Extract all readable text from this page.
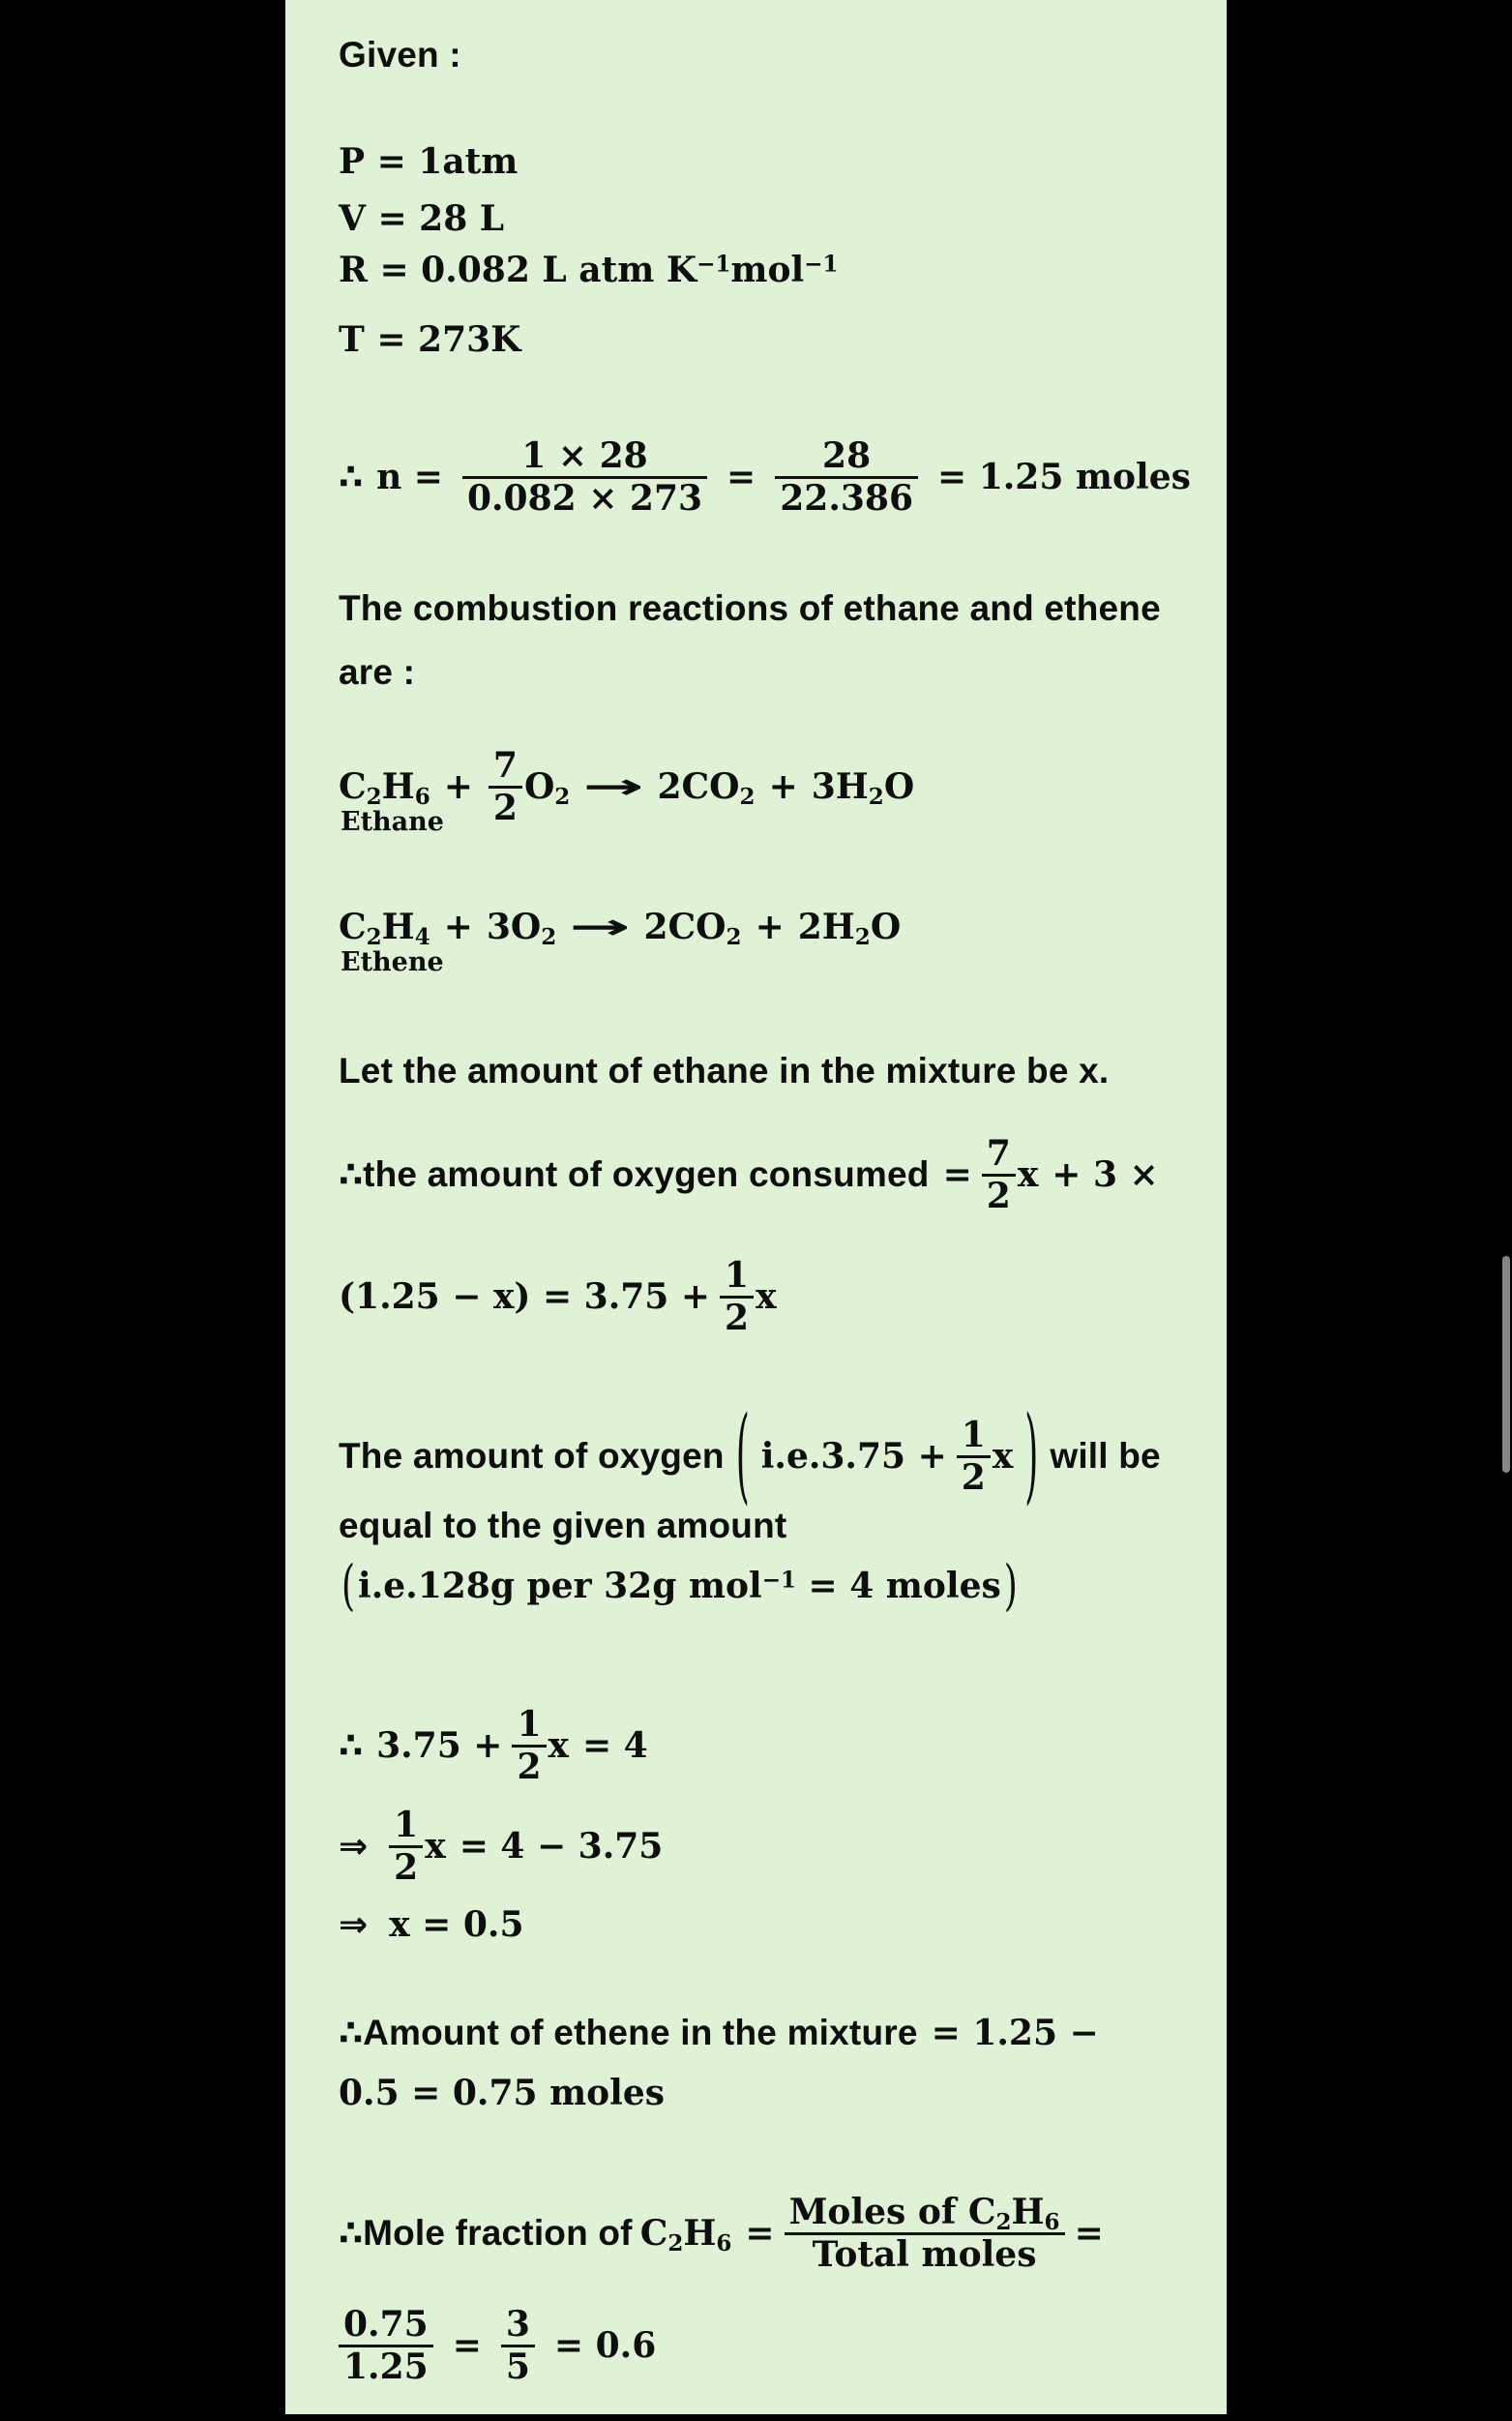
Given :
P = 1atm
V = 28 L
R = 0.082 L atm $K^{-1}mol^{-1}$
T = 273K
∴ $n = \frac{1 \times 28}{0.082 \times 273} = \frac{28}{22.386} = 1.25$ moles
The combustion reactions of ethane and ethene
are :
$C_2H_6$
Ethane
+ $\frac{7}{2} O_2 \to 2CO_2 + 3H_2O$
$C_2H_4$
Ethene
+ $3O_2 \to 2CO_2 + 2H_2O$
Let the amount of ethane in the mixture be x.
∴ the amount of oxygen consumed = $\frac{7}{2}$ x + 3 ×
$(1.25 - x) = 3.75 + \frac{1}{2}$ x
The amount of oxygen ( $i.e.3.75 + \frac{1}{2}$ x ) will be
equal to the given amount
(i.e.128g per 32g mol$^{-1}$ = 4 moles)
∴ $3.75 + \frac{1}{2}$ x = 4
⇒ $\frac{1}{2}$ x = 4 − 3.75
⇒ x = 0.5
∴ Amount of ethene in the mixture = 1.25 −
0.5 = 0.75 moles
∴ Mole fraction of $C_2H_6 = \frac{Moles of C_2H_6}{\text{Total moles}}$ =
$\frac{0.75}{1.25} = \frac{3}{5} = 0.6$
